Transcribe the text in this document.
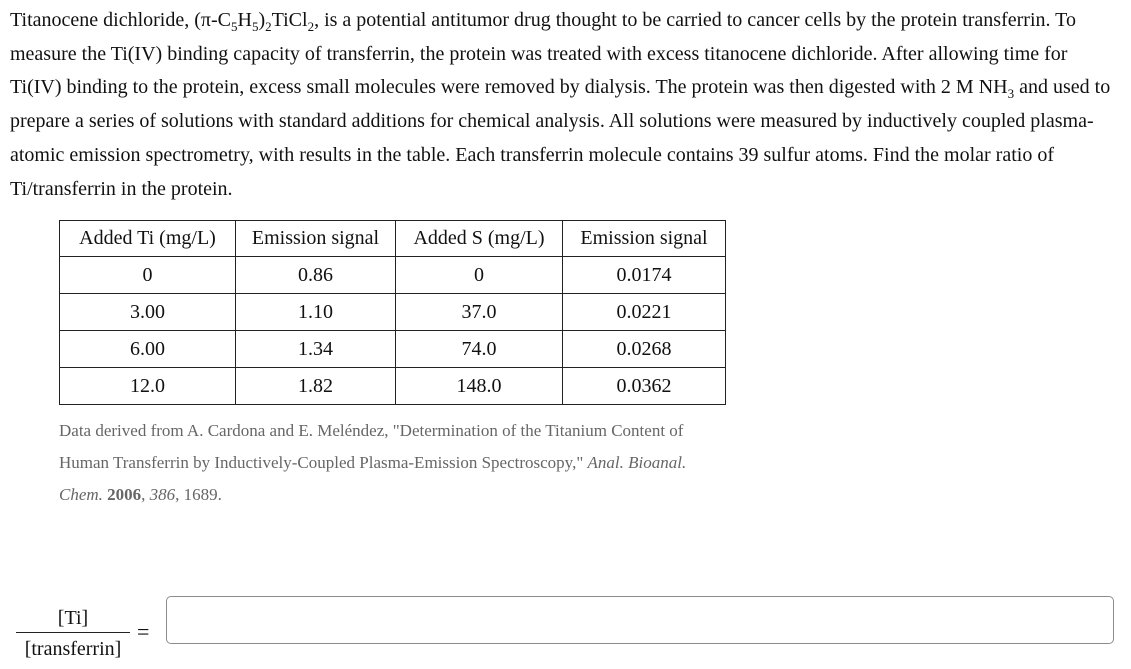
Titanocene dichloride, $(\pi-C_5H_5)_2TiCl_2$, is a potential antitumor drug thought to be carried to cancer cells by the protein transferrin. To measure the Ti(IV) binding capacity of transferrin, the protein was treated with excess titanocene dichloride. After allowing time for Ti(IV) binding to the protein, excess small molecules were removed by dialysis. The protein was then digested with 2 M $NH_3$ and used to prepare a series of solutions with standard additions for chemical analysis. All solutions were measured by inductively coupled plasma-atomic emission spectrometry, with results in the table. Each transferrin molecule contains 39 sulfur atoms. Find the molar ratio of Ti/transferrin in the protein.
Added Ti (mg/L)	Emission signal	Added S (mg/L)	Emission signal
0	0.86	0	0.0174
3.00	1.10	37.0	0.0221
6.00	1.34	74.0	0.0268
12.0	1.82	148.0	0.0362
Data derived from A. Cardona and E. Meléndez, "Determination of the Titanium Content of Human Transferrin by Inductively-Coupled Plasma-Emission Spectroscopy," Anal. Bioanal. Chem. 2006, 386, 1689.
[Ti]
[transferrin]
=
